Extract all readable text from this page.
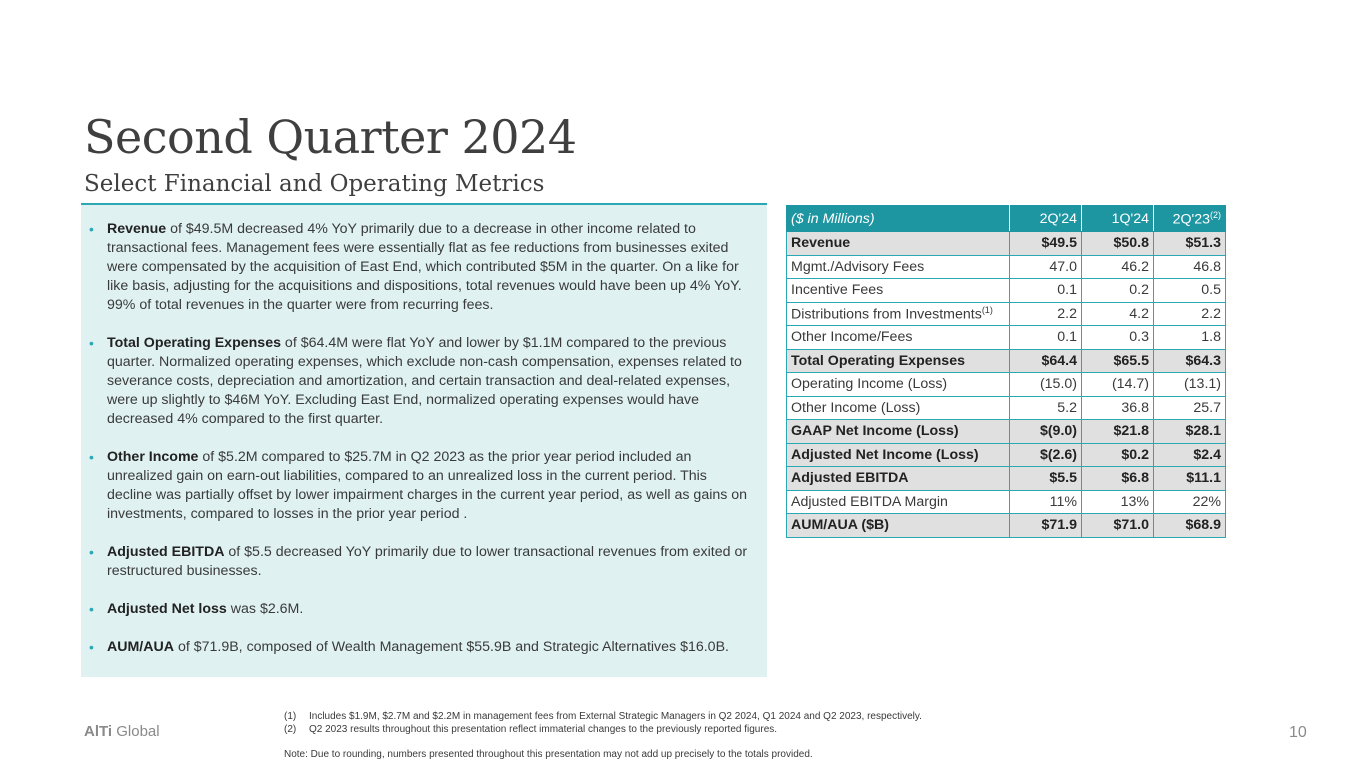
Second Quarter 2024
Select Financial and Operating Metrics
• Revenue of $49.5M decreased 4% YoY primarily due to a decrease in other income related to transactional fees. Management fees were essentially flat as fee reductions from businesses exited were compensated by the acquisition of East End, which contributed $5M in the quarter. On a like for like basis, adjusting for the acquisitions and dispositions, total revenues would have been up 4% YoY. 99% of total revenues in the quarter were from recurring fees.
• Total Operating Expenses of $64.4M were flat YoY and lower by $1.1M compared to the previous quarter. Normalized operating expenses, which exclude non-cash compensation, expenses related to severance costs, depreciation and amortization, and certain transaction and deal-related expenses, were up slightly to $46M YoY. Excluding East End, normalized operating expenses would have decreased 4% compared to the first quarter.
• Other Income of $5.2M compared to $25.7M in Q2 2023 as the prior year period included an unrealized gain on earn-out liabilities, compared to an unrealized loss in the current period. This decline was partially offset by lower impairment charges in the current year period, as well as gains on investments, compared to losses in the prior year period .
• Adjusted EBITDA of $5.5 decreased YoY primarily due to lower transactional revenues from exited or restructured businesses.
• Adjusted Net loss was $2.6M.
• AUM/AUA of $71.9B, composed of Wealth Management $55.9B and Strategic Alternatives $16.0B.
($ in Millions)	2Q'24	1Q'24	2Q'23$^{(2)}$
Revenue	$49.5	$50.8	$51.3
Mgmt./Advisory Fees	47.0	46.2	46.8
Incentive Fees	0.1	0.2	0.5
Distributions from Investments$^{(1)}$	2.2	4.2	2.2
Other Income/Fees	0.1	0.3	1.8
Total Operating Expenses	$64.4	$65.5	$64.3
Operating Income (Loss)	(15.0)	(14.7)	(13.1)
Other Income (Loss)	5.2	36.8	25.7
GAAP Net Income (Loss)	$(9.0)	$21.8	$28.1
Adjusted Net Income (Loss)	$(2.6)	$0.2	$2.4
Adjusted EBITDA	$5.5	$6.8	$11.1
Adjusted EBITDA Margin	11%	13%	22%
AUM/AUA ($B)	$71.9	$71.0	$68.9
AlTi Global
(1)	Includes $1.9M, $2.7M and $2.2M in management fees from External Strategic Managers in Q2 2024, Q1 2024 and Q2 2023, respectively.
(2)	Q2 2023 results throughout this presentation reflect immaterial changes to the previously reported figures.
Note: Due to rounding, numbers presented throughout this presentation may not add up precisely to the totals provided.
10
